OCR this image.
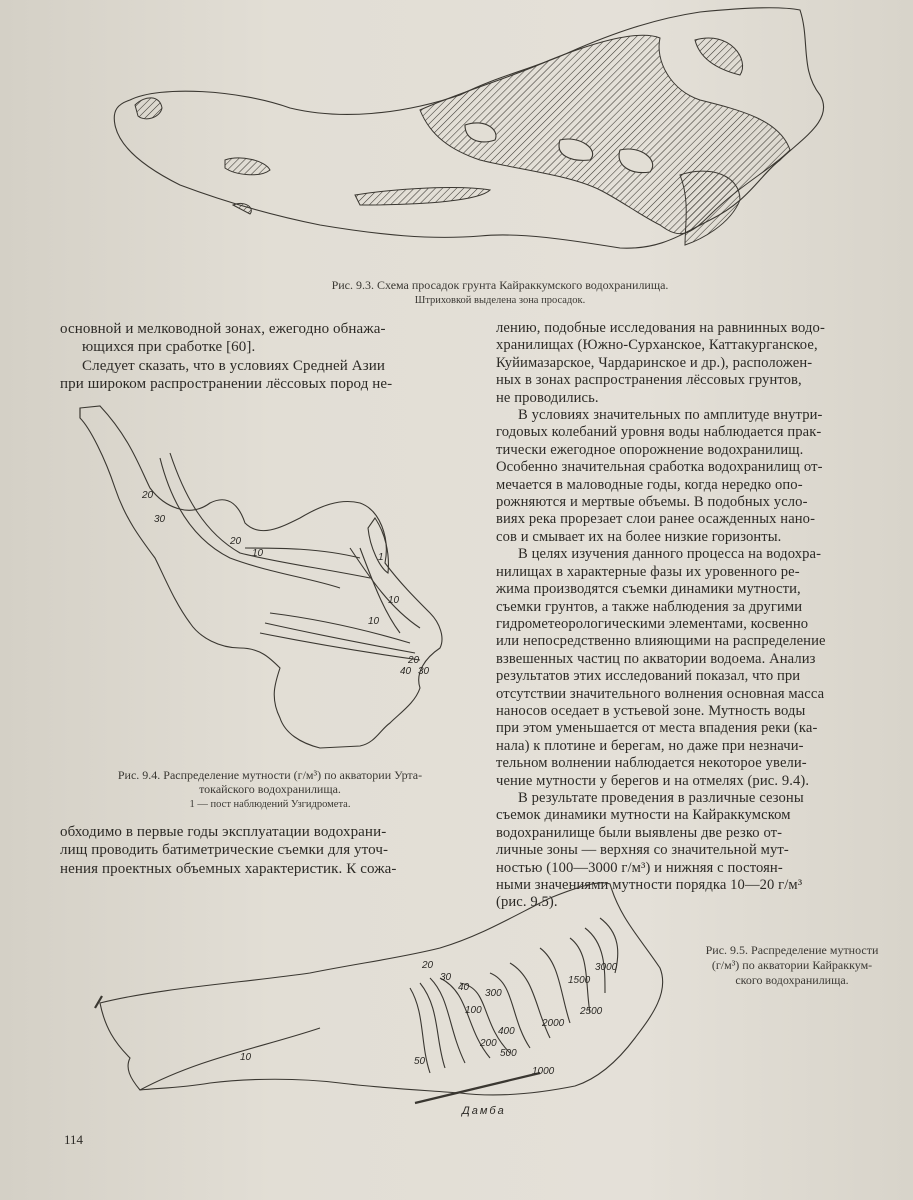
Рис. 9.3. Схема просадок грунта Кайраккумского водохранилища.
Штриховкой выделена зона просадок.

основной и мелководной зонах, ежегодно обнажа-

ющихся при сработке [60].

Следует сказать, что в условиях Средней Азии

при широком распространении лёссовых пород не-

20
30
20
10	1
10
10
20
40 30
Рис. 9.4. Распределение мутности (г/м³) по акватории Урта-
токайского водохранилища.
1 — пост наблюдений Узгидромета.

обходимо в первые годы эксплуатации водохрани-

лищ проводить батиметрические съемки для уточ-

нения проектных объемных характеристик. К сожа-

лению, подобные исследования на равнинных водо-

хранилищах (Южно-Сурханское, Каттакурганское,

Куйимазарское, Чардаринское и др.), расположен-

ных в зонах распространения лёссовых грунтов,

не проводились.

В условиях значительных по амплитуде внутри-

годовых колебаний уровня воды наблюдается прак-

тически ежегодное опорожнение водохранилищ.

Особенно значительная сработка водохранилищ от-

мечается в маловодные годы, когда нередко опо-

рожняются и мертвые объемы. В подобных усло-

виях река прорезает слои ранее осажденных нано-

сов и смывает их на более низкие горизонты.

В целях изучения данного процесса на водохра-

нилищах в характерные фазы их уровенного ре-

жима производятся съемки динамики мутности,

съемки грунтов, а также наблюдения за другими

гидрометеорологическими элементами, косвенно

или непосредственно влияющими на распределение

взвешенных частиц по акватории водоема. Анализ

результатов этих исследований показал, что при

отсутствии значительного волнения основная масса

наносов оседает в устьевой зоне. Мутность воды

при этом уменьшается от места впадения реки (ка-

нала) к плотине и берегам, но даже при незначи-

тельном волнении наблюдается некоторое увели-

чение мутности у берегов и на отмелях (рис. 9.4).

В результате проведения в различные сезоны

съемок динамики мутности на Кайраккумском

водохранилище были выявлены две резко от-

личные зоны — верхняя со значительной мут-

ностью (100—3000 г/м³) и нижняя с постоян-

ными значениями мутности порядка 10—20 г/м³

(рис. 9.5).

20
30
40
100
300
1500
3000
2500
2000
400
200
500
1000
50
10
Дамба
Рис. 9.5. Распределение мутности
(г/м³) по акватории Кайраккум-
ского водохранилища.
114
